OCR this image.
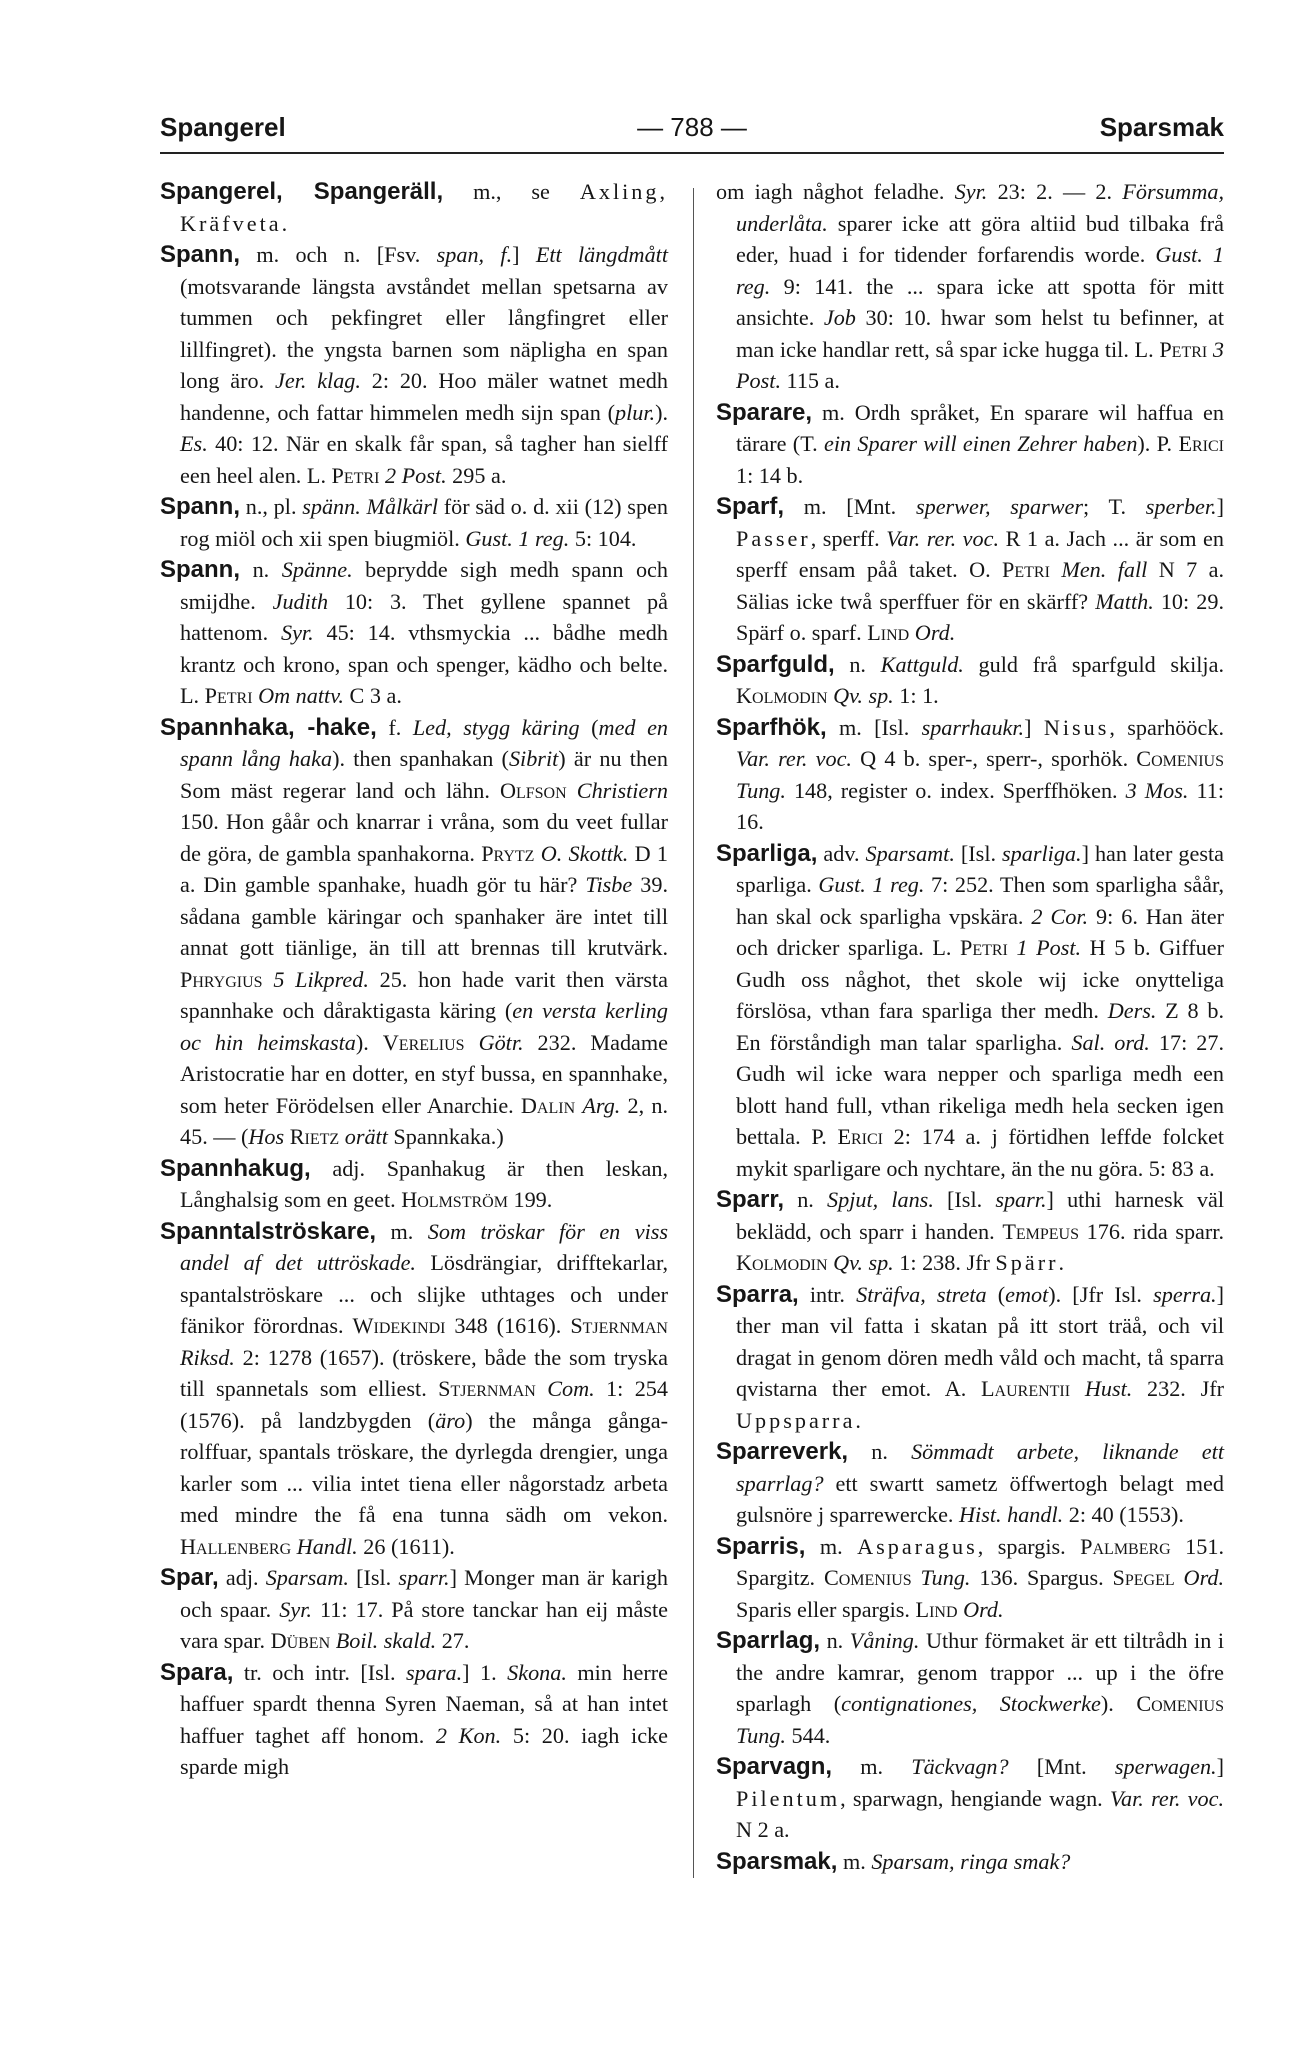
Spangerel	— 788 —	Sparsmak

Spangerel, Spangeräll, m., se Axling, Kräfveta.

Spann, m. och n. [Fsv. span, f.] Ett längdmått (motsvarande längsta avståndet mellan spetsarna av tummen och pekfingret eller långfingret eller lillfingret). the yngsta barnen som näpligha en span long äro. Jer. klag. 2: 20. Hoo mäler watnet medh handenne, och fattar himmelen medh sijn span (plur.). Es. 40: 12. När en skalk får span, så tagher han sielff een heel alen. L. Petri 2 Post. 295 a.

Spann, n., pl. spänn. Målkärl för säd o. d. xii (12) spen rog miöl och xii spen biugmiöl. Gust. 1 reg. 5: 104.

Spann, n. Spänne. beprydde sigh medh spann och smijdhe. Judith 10: 3. Thet gyllene spannet på hattenom. Syr. 45: 14. vthsmyckia ... bådhe medh krantz och krono, span och spenger, kädho och belte. L. Petri Om nattv. C 3 a.

Spannhaka, -hake, f. Led, stygg käring (med en spann lång haka). then spanhakan (Sibrit) är nu then Som mäst regerar land och lähn. Olfson Christiern 150. Hon gåår och knarrar i vråna, som du veet fullar de göra, de gambla spanhakorna. Prytz O. Skottk. D 1 a. Din gamble spanhake, huadh gör tu här? Tisbe 39. sådana gamble käringar och spanhaker äre intet till annat gott tiänlige, än till att brennas till krutvärk. Phrygius 5 Likpred. 25. hon hade varit then värsta spannhake och dåraktigasta käring (en versta kerling oc hin heimskasta). Verelius Götr. 232. Madame Aristocratie har en dotter, en styf bussa, en spannhake, som heter Förödelsen eller Anarchie. Dalin Arg. 2, n. 45. — (Hos Rietz orätt Spannkaka.)

Spannhakug, adj. Spanhakug är then leskan, Långhalsig som en geet. Holmström 199.

Spanntalströskare, m. Som tröskar för en viss andel af det uttröskade. Lösdrängiar, drifftekarlar, spantalströskare ... och slijke uthtages och under fänikor förordnas. Widekindi 348 (1616). Stjernman Riksd. 2: 1278 (1657). (tröskere, både the som tryska till spannetals som elliest. Stjernman Com. 1: 254 (1576). på landzbygden (äro) the många gånga-rolffuar, spantals tröskare, the dyrlegda drengier, unga karler som ... vilia intet tiena eller någorstadz arbeta med mindre the få ena tunna sädh om vekon. Hallenberg Handl. 26 (1611).

Spar, adj. Sparsam. [Isl. sparr.] Monger man är karigh och spaar. Syr. 11: 17. På store tanckar han eij måste vara spar. Düben Boil. skald. 27.

Spara, tr. och intr. [Isl. spara.] 1. Skona. min herre haffuer spardt thenna Syren Naeman, så at han intet haffuer taghet aff honom. 2 Kon. 5: 20. iagh icke sparde migh

om iagh någhot feladhe. Syr. 23: 2. — 2. Försumma, underlåta. sparer icke att göra altiid bud tilbaka frå eder, huad i for tidender forfarendis worde. Gust. 1 reg. 9: 141. the ... spara icke att spotta för mitt ansichte. Job 30: 10. hwar som helst tu befinner, at man icke handlar rett, så spar icke hugga til. L. Petri 3 Post. 115 a.

Sparare, m. Ordh språket, En sparare wil haffua en tärare (T. ein Sparer will einen Zehrer haben). P. Erici 1: 14 b.

Sparf, m. [Mnt. sperwer, sparwer; T. sperber.] Passer, sperff. Var. rer. voc. R 1 a. Jach ... är som en sperff ensam påå taket. O. Petri Men. fall N 7 a. Sälias icke twå sperffuer för en skärff? Matth. 10: 29. Spärf o. sparf. Lind Ord.

Sparfguld, n. Kattguld. guld frå sparfguld skilja. Kolmodin Qv. sp. 1: 1.

Sparfhök, m. [Isl. sparrhaukr.] Nisus, sparhööck. Var. rer. voc. Q 4 b. sper-, sperr-, sporhök. Comenius Tung. 148, register o. index. Sperffhöken. 3 Mos. 11: 16.

Sparliga, adv. Sparsamt. [Isl. sparliga.] han later gesta sparliga. Gust. 1 reg. 7: 252. Then som sparligha såår, han skal ock sparligha vpskära. 2 Cor. 9: 6. Han äter och dricker sparliga. L. Petri 1 Post. H 5 b. Giffuer Gudh oss någhot, thet skole wij icke onytteliga förslösa, vthan fara sparliga ther medh. Ders. Z 8 b. En förståndigh man talar sparligha. Sal. ord. 17: 27. Gudh wil icke wara nepper och sparliga medh een blott hand full, vthan rikeliga medh hela secken igen bettala. P. Erici 2: 174 a. j förtidhen leffde folcket mykit sparligare och nychtare, än the nu göra. 5: 83 a.

Sparr, n. Spjut, lans. [Isl. sparr.] uthi harnesk väl beklädd, och sparr i handen. Tempeus 176. rida sparr. Kolmodin Qv. sp. 1: 238. Jfr Spärr.

Sparra, intr. Sträfva, streta (emot). [Jfr Isl. sperra.] ther man vil fatta i skatan på itt stort träå, och vil dragat in genom dören medh våld och macht, tå sparra qvistarna ther emot. A. Laurentii Hust. 232. Jfr Uppsparra.

Sparreverk, n. Sömmadt arbete, liknande ett sparrlag? ett swartt sametz öffwertogh belagt med gulsnöre j sparrewercke. Hist. handl. 2: 40 (1553).

Sparris, m. Asparagus, spargis. Palmberg 151. Spargitz. Comenius Tung. 136. Spargus. Spegel Ord. Sparis eller spargis. Lind Ord.

Sparrlag, n. Våning. Uthur förmaket är ett tiltrådh in i the andre kamrar, genom trappor ... up i the öfre sparlagh (contignationes, Stockwerke). Comenius Tung. 544.

Sparvagn, m. Täckvagn? [Mnt. sperwagen.] Pilentum, sparwagn, hengiande wagn. Var. rer. voc. N 2 a.

Sparsmak, m. Sparsam, ringa smak?
